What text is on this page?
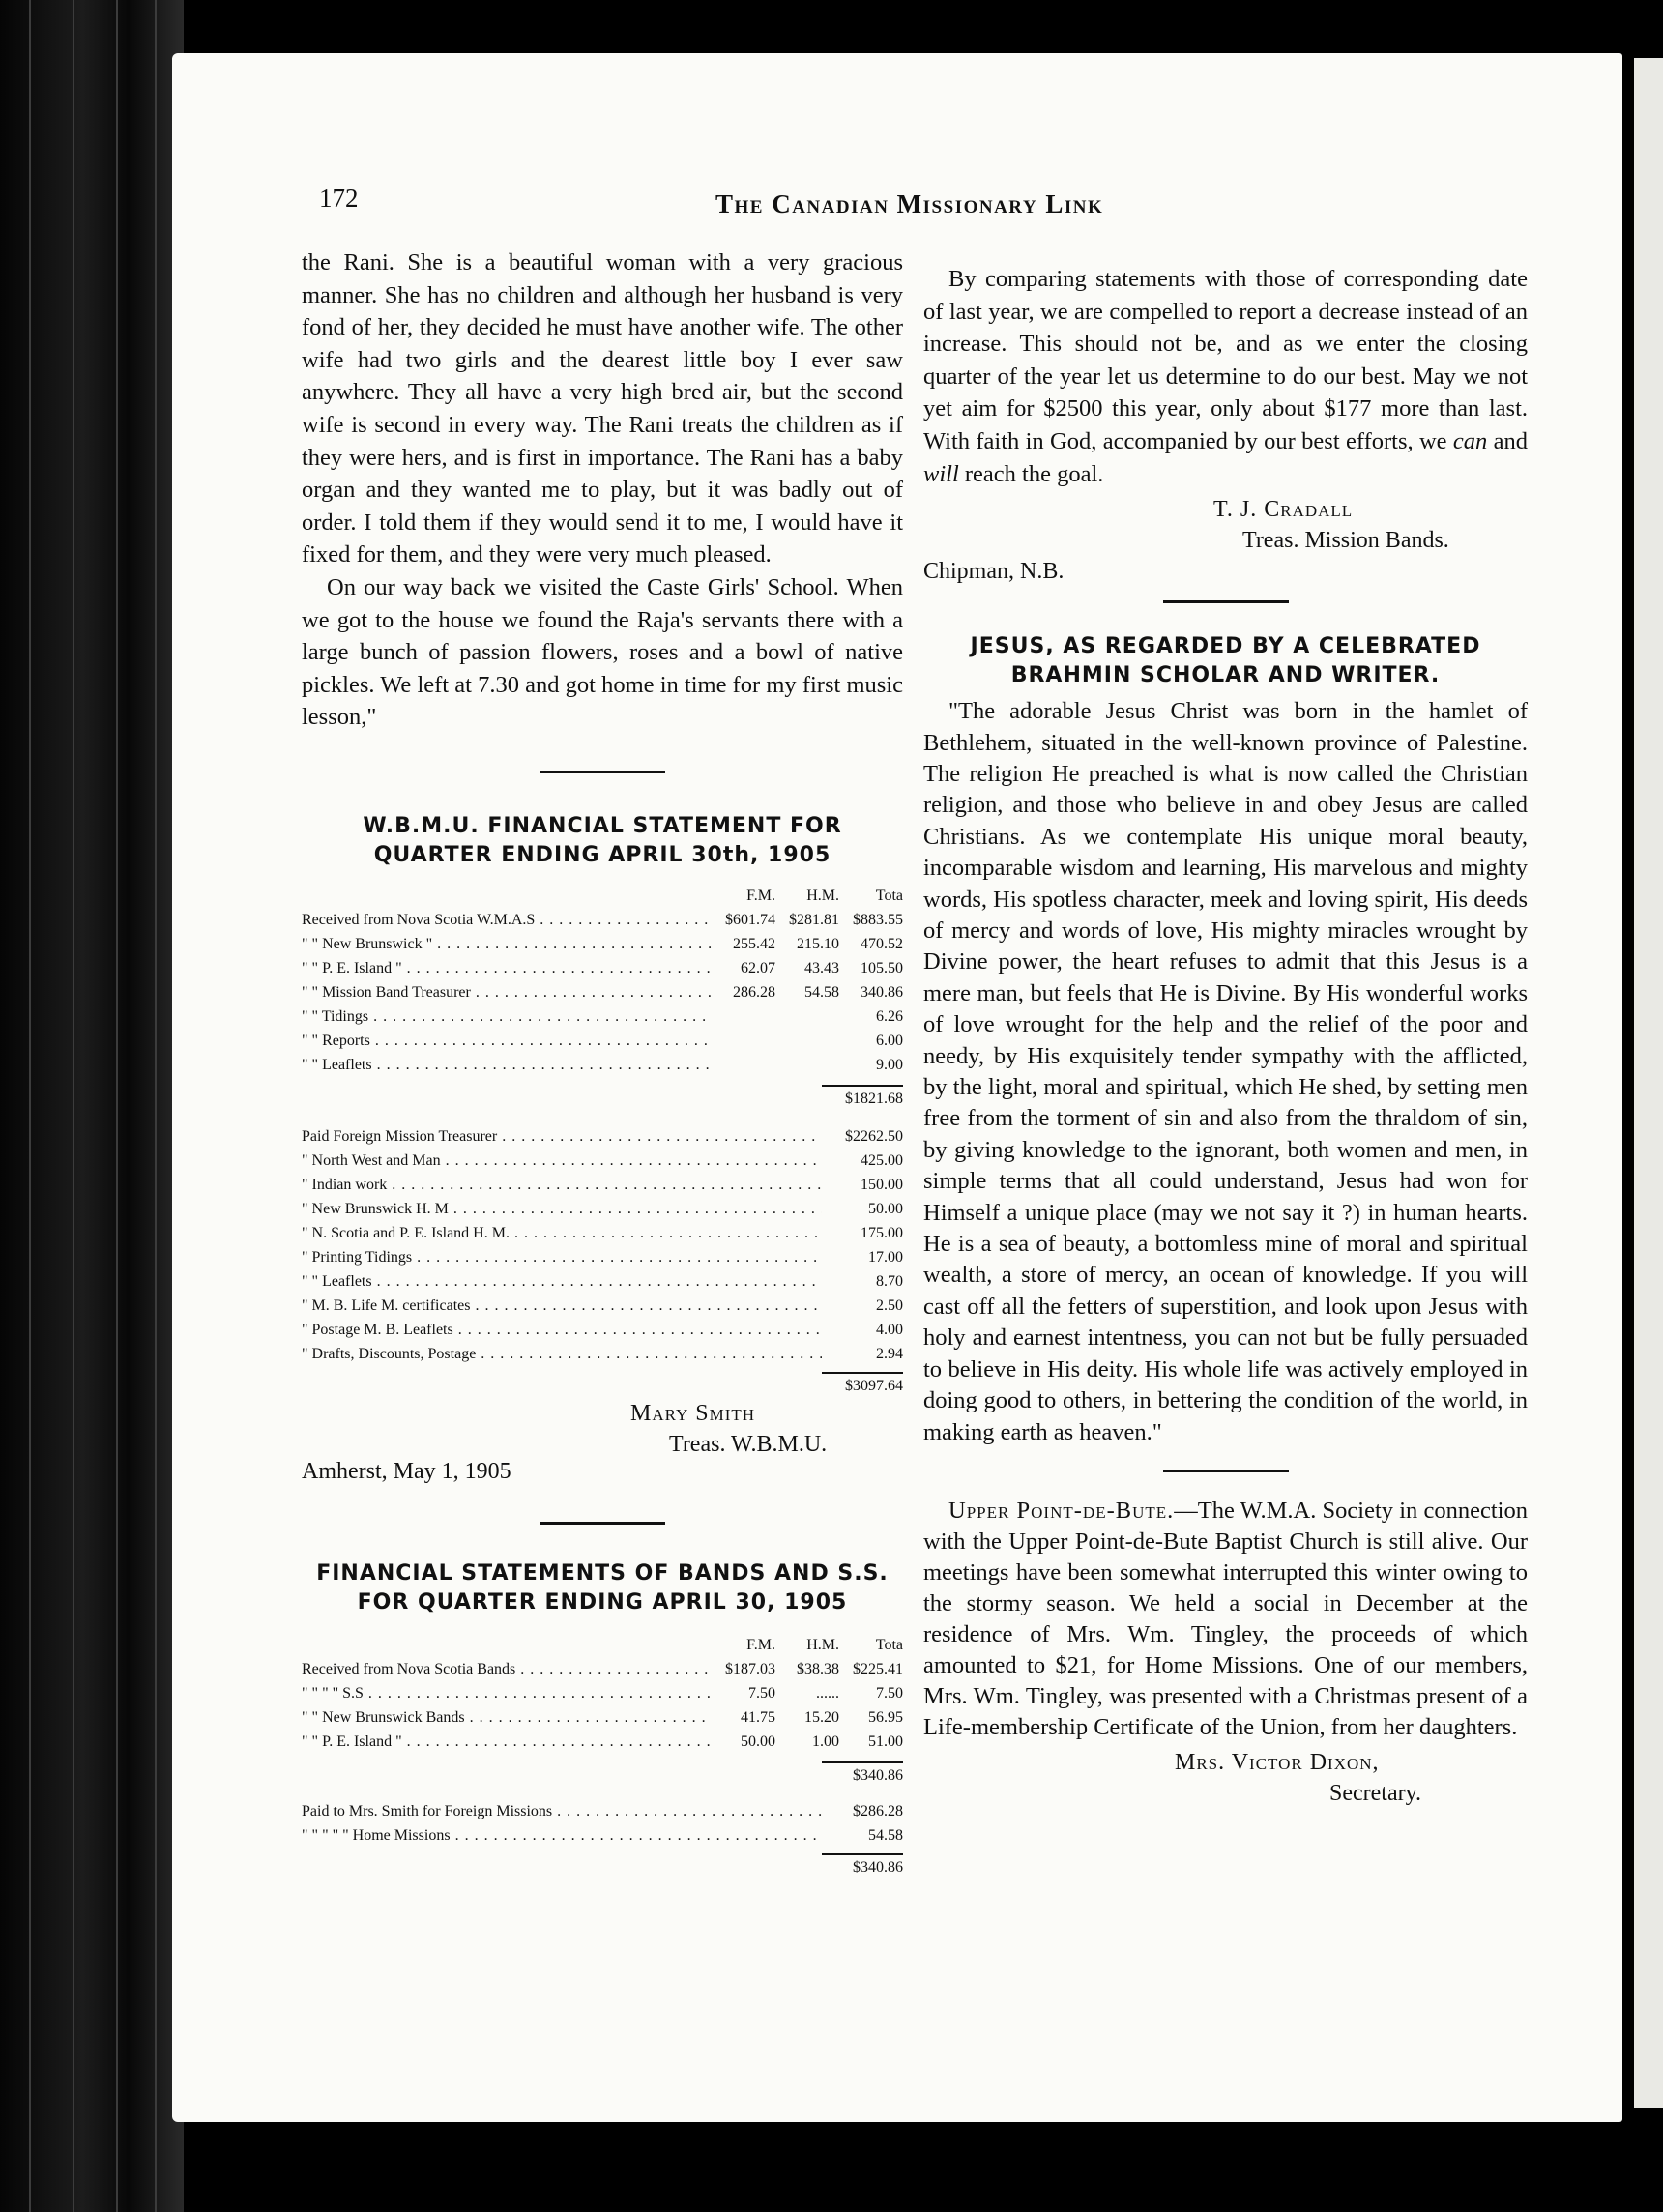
172	The Canadian Missionary Link

the Rani. She is a beautiful woman with a very gracious manner. She has no children and although her husband is very fond of her, they decided he must have another wife. The other wife had two girls and the dearest little boy I ever saw anywhere. They all have a very high bred air, but the second wife is second in every way. The Rani treats the children as if they were hers, and is first in importance. The Rani has a baby organ and they wanted me to play, but it was badly out of order. I told them if they would send it to me, I would have it fixed for them, and they were very much pleased.

On our way back we visited the Caste Girls' School. When we got to the house we found the Raja's servants there with a large bunch of passion flowers, roses and a bowl of native pickles. We left at 7.30 and got home in time for my first music lesson,"

W.B.M.U. FINANCIAL STATEMENT FOR
QUARTER ENDING APRIL 30th, 1905
F.M.	H.M.	Tota
Received from Nova Scotia W.M.A.S . . .	$601.74 $281.81 $883.55
" " New Brunswick " . . .	255.42	215.10	470.52
" " P. E. Island " . . .	62.07	43.43	105.50
" " Mission Band Treasurer . . .	286.28	54.58	340.86
" " Tidings . . .	6.26
" " Reports . . .	6.00
" " Leaflets . . .	9.00
$1821.68
Paid Foreign Mission Treasurer . . .	$2262.50
" North West and Man . . .	425.00
" Indian work . . .	150.00
" New Brunswick H. M . . .	50.00
" N. Scotia and P. E. Island H. M. . . .	175.00
" Printing Tidings . . .	17.00
" " Leaflets . . .	8.70
" M. B. Life M. certificates . . .	2.50
" Postage M. B. Leaflets . . .	4.00
" Drafts, Discounts, Postage . . .	2.94
$3097.64
Mary Smith
Treas. W.B.M.U.
Amherst, May 1, 1905
FINANCIAL STATEMENTS OF BANDS AND S.S.
FOR QUARTER ENDING APRIL 30, 1905
F.M.	H.M.	Tota
Received from Nova Scotia Bands . . .	$187.03	$38.38 $225.41
" " " " S.S . . .	7.50	......	7.50
" " New Brunswick Bands . . .	41.75	15.20	56.95
" " P. E. Island " . . .	50.00	1.00	51.00
$340.86
Paid to Mrs. Smith for Foreign Missions . . .	$286.28
" " " " " Home Missions . . .	54.58
$340.86

By comparing statements with those of corresponding date of last year, we are compelled to report a decrease instead of an increase. This should not be, and as we enter the closing quarter of the year let us determine to do our best. May we not yet aim for $2500 this year, only about $177 more than last. With faith in God, accompanied by our best efforts, we can and will reach the goal.

T. J. Cradall
Treas. Mission Bands.
Chipman, N.B.
JESUS, AS REGARDED BY A CELEBRATED
BRAHMIN SCHOLAR AND WRITER.

"The adorable Jesus Christ was born in the hamlet of Bethlehem, situated in the well-known province of Palestine. The religion He preached is what is now called the Christian religion, and those who believe in and obey Jesus are called Christians. As we contemplate His unique moral beauty, incomparable wisdom and learning, His marvelous and mighty words, His spotless character, meek and loving spirit, His deeds of mercy and words of love, His mighty miracles wrought by Divine power, the heart refuses to admit that this Jesus is a mere man, but feels that He is Divine. By His wonderful works of love wrought for the help and the relief of the poor and needy, by His exquisitely tender sympathy with the afflicted, by the light, moral and spiritual, which He shed, by setting men free from the torment of sin and also from the thraldom of sin, by giving knowledge to the ignorant, both women and men, in simple terms that all could understand, Jesus had won for Himself a unique place (may we not say it ?) in human hearts. He is a sea of beauty, a bottomless mine of moral and spiritual wealth, a store of mercy, an ocean of knowledge. If you will cast off all the fetters of superstition, and look upon Jesus with holy and earnest intentness, you can not but be fully persuaded to believe in His deity. His whole life was actively employed in doing good to others, in bettering the condition of the world, in making earth as heaven."

Upper Point-de-Bute.—The W.M.A. Society in connection with the Upper Point-de-Bute Baptist Church is still alive. Our meetings have been somewhat interrupted this winter owing to the stormy season. We held a social in December at the residence of Mrs. Wm. Tingley, the proceeds of which amounted to $21, for Home Missions. One of our members, Mrs. Wm. Tingley, was presented with a Christmas present of a Life-membership Certificate of the Union, from her daughters.

Mrs. Victor Dixon,
Secretary.
